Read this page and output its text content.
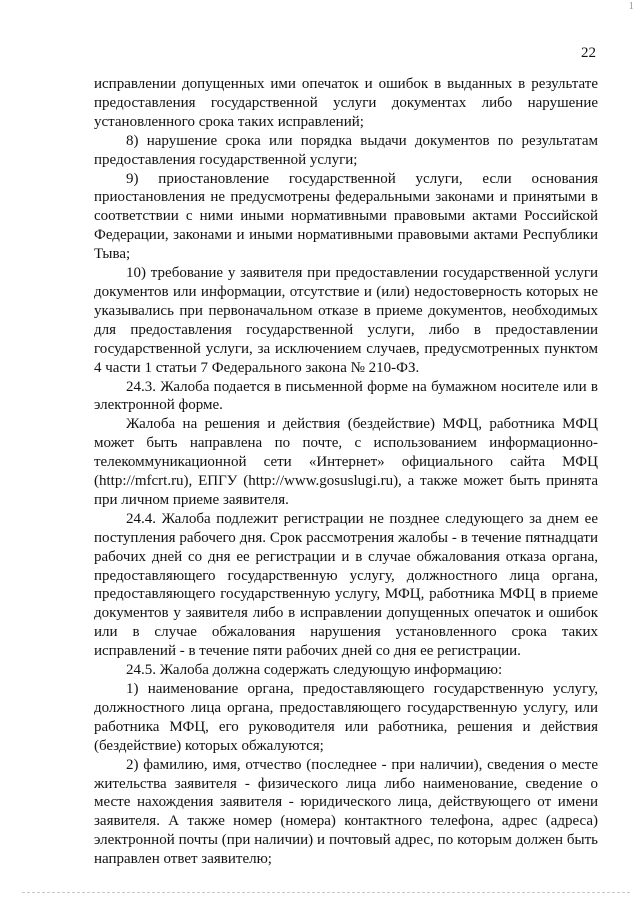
1
22

исправлении допущенных ими опечаток и ошибок в выданных в результате предоставления государственной услуги документах либо нарушение установленного срока таких исправлений;

8) нарушение срока или порядка выдачи документов по результатам предоставления государственной услуги;

9) приостановление государственной услуги, если основания приостановления не предусмотрены федеральными законами и принятыми в соответствии с ними иными нормативными правовыми актами Российской Федерации, законами и иными нормативными правовыми актами Республики Тыва;

10) требование у заявителя при предоставлении государственной услуги документов или информации, отсутствие и (или) недостоверность которых не указывались при первоначальном отказе в приеме документов, необходимых для предоставления государственной услуги, либо в предоставлении государственной услуги, за исключением случаев, предусмотренных пунктом 4 части 1 статьи 7 Федерального закона № 210-ФЗ.

24.3. Жалоба подается в письменной форме на бумажном носителе или в электронной форме.

Жалоба на решения и действия (бездействие) МФЦ, работника МФЦ может быть направлена по почте, с использованием информационно-телекоммуникационной сети «Интернет» официального сайта МФЦ (http://mfcrt.ru), ЕПГУ (http://www.gosuslugi.ru), а также может быть принята при личном приеме заявителя.

24.4. Жалоба подлежит регистрации не позднее следующего за днем ее поступления рабочего дня. Срок рассмотрения жалобы - в течение пятнадцати рабочих дней со дня ее регистрации и в случае обжалования отказа органа, предоставляющего государственную услугу, должностного лица органа, предоставляющего государственную услугу, МФЦ, работника МФЦ в приеме документов у заявителя либо в исправлении допущенных опечаток и ошибок или в случае обжалования нарушения установленного срока таких исправлений - в течение пяти рабочих дней со дня ее регистрации.

24.5. Жалоба должна содержать следующую информацию:

1) наименование органа, предоставляющего государственную услугу, должностного лица органа, предоставляющего государственную услугу, или работника МФЦ, его руководителя или работника, решения и действия (бездействие) которых обжалуются;

2) фамилию, имя, отчество (последнее - при наличии), сведения о месте жительства заявителя - физического лица либо наименование, сведение о месте нахождения заявителя - юридического лица, действующего от имени заявителя. А также номер (номера) контактного телефона, адрес (адреса) электронной почты (при наличии) и почтовый адрес, по которым должен быть направлен ответ заявителю;
